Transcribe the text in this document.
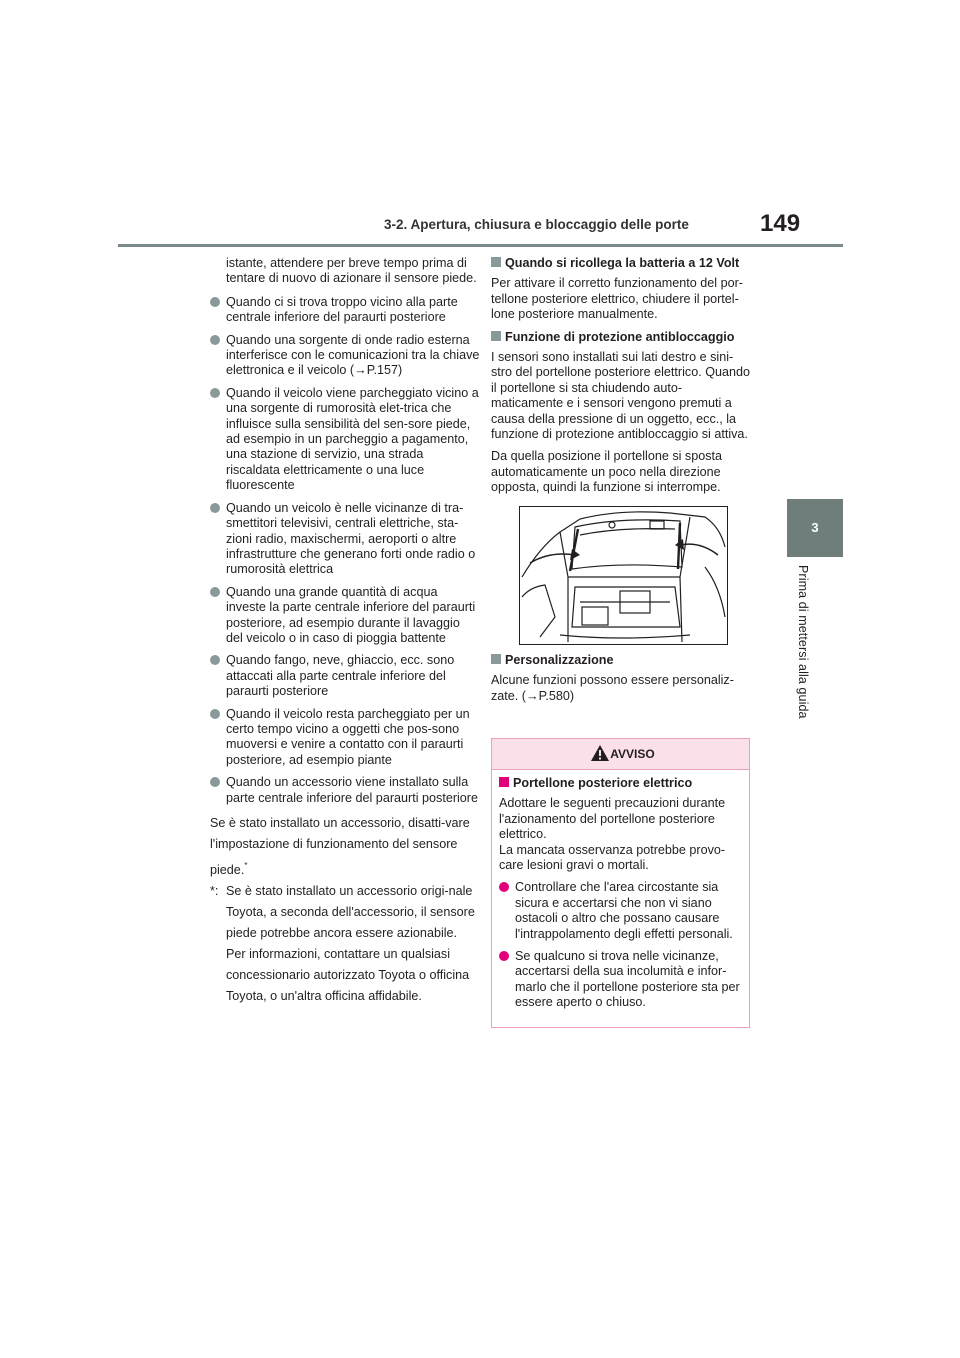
3-2. Apertura, chiusura e bloccaggio delle porte	149
3
Prima di mettersi alla guida

istante, attendere per breve tempo prima di tentare di nuovo di azionare il sensore piede.

Quando ci si trova troppo vicino alla parte centrale inferiore del paraurti posteriore
Quando una sorgente di onde radio esterna interferisce con le comunicazioni tra la chiave elettronica e il veicolo (→P.157)
Quando il veicolo viene parcheggiato vicino a una sorgente di rumorosità elet-trica che influisce sulla sensibilità del sen-sore piede, ad esempio in un parcheggio a pagamento, una stazione di servizio, una strada riscaldata elettricamente o una luce fluorescente
Quando un veicolo è nelle vicinanze di tra-smettitori televisivi, centrali elettriche, sta-zioni radio, maxischermi, aeroporti o altre infrastrutture che generano forti onde radio o rumorosità elettrica
Quando una grande quantità di acqua investe la parte centrale inferiore del paraurti posteriore, ad esempio durante il lavaggio del veicolo o in caso di pioggia battente
Quando fango, neve, ghiaccio, ecc. sono attaccati alla parte centrale inferiore del paraurti posteriore
Quando il veicolo resta parcheggiato per un certo tempo vicino a oggetti che pos-sono muoversi e venire a contatto con il paraurti posteriore, ad esempio piante
Quando un accessorio viene installato sulla parte centrale inferiore del paraurti posteriore

Se è stato installato un accessorio, disatti-vare l'impostazione di funzionamento del sensore piede.*

*: Se è stato installato un accessorio origi-nale Toyota, a seconda dell'accessorio, il sensore piede potrebbe ancora essere azionabile. Per informazioni, contattare un qualsiasi concessionario autorizzato Toyota o officina Toyota, o un'altra officina affidabile.
Quando si ricollega la batteria a 12 Volt

Per attivare il corretto funzionamento del por-tellone posteriore elettrico, chiudere il portel-lone posteriore manualmente.

Funzione di protezione antibloccaggio

I sensori sono installati sui lati destro e sini-stro del portellone posteriore elettrico. Quando il portellone si sta chiudendo auto-maticamente e i sensori vengono premuti a causa della pressione di un oggetto, ecc., la funzione di protezione antibloccaggio si attiva.

Da quella posizione il portellone si sposta automaticamente un poco nella direzione opposta, quindi la funzione si interrompe.

Personalizzazione

Alcune funzioni possono essere personaliz-zate. (→P.580)

AVVISO
Portellone posteriore elettrico

Adottare le seguenti precauzioni durante l'azionamento del portellone posteriore elettrico.

La mancata osservanza potrebbe provo-care lesioni gravi o mortali.

Controllare che l'area circostante sia sicura e accertarsi che non vi siano ostacoli o altro che possano causare l'intrappolamento degli effetti personali.
Se qualcuno si trova nelle vicinanze, accertarsi della sua incolumità e infor-marlo che il portellone posteriore sta per essere aperto o chiuso.
